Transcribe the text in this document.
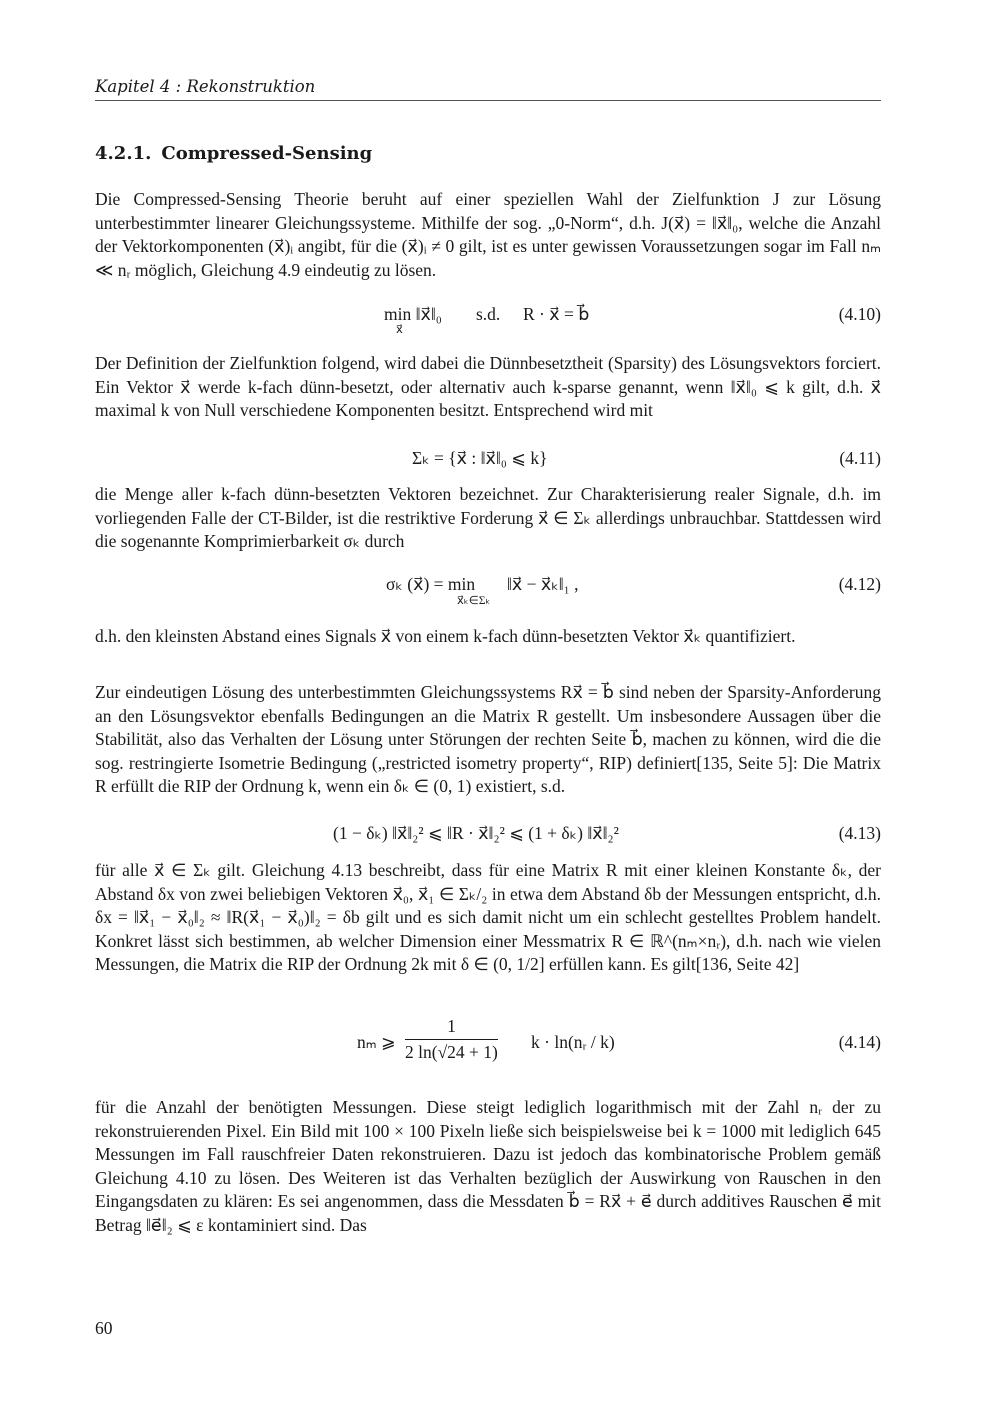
Kapitel 4 : Rekonstruktion
4.2.1. Compressed-Sensing
Die Compressed-Sensing Theorie beruht auf einer speziellen Wahl der Zielfunktion J zur Lösung unterbestimmter linearer Gleichungssysteme. Mithilfe der sog. „0-Norm“, d.h. J(x⃗) = ‖x⃗‖₀, welche die Anzahl der Vektorkomponenten (x⃗)ᵢ angibt, für die (x⃗)ᵢ ≠ 0 gilt, ist es unter gewissen Voraussetzungen sogar im Fall nₘ ≪ nᵣ möglich, Gleichung 4.9 eindeutig zu lösen.
min ‖x⃗‖₀
x⃗
s.d. R · x⃗ = b⃗	(4.10)
Der Definition der Zielfunktion folgend, wird dabei die Dünnbesetztheit (Sparsity) des Lösungsvektors forciert. Ein Vektor x⃗ werde k-fach dünn-besetzt, oder alternativ auch k-sparse genannt, wenn ‖x⃗‖₀ ⩽ k gilt, d.h. x⃗ maximal k von Null verschiedene Komponenten besitzt. Entsprechend wird mit
Σₖ = {x⃗ : ‖x⃗‖₀ ⩽ k}	(4.11)
die Menge aller k-fach dünn-besetzten Vektoren bezeichnet. Zur Charakterisierung realer Signale, d.h. im vorliegenden Falle der CT-Bilder, ist die restriktive Forderung x⃗ ∈ Σₖ allerdings unbrauchbar. Stattdessen wird die sogenannte Komprimierbarkeit σₖ durch
σₖ (x⃗) = min
x⃗ₖ∈Σₖ
‖x⃗ − x⃗ₖ‖₁ ,	(4.12)
d.h. den kleinsten Abstand eines Signals x⃗ von einem k-fach dünn-besetzten Vektor x⃗ₖ quantifiziert.
Zur eindeutigen Lösung des unterbestimmten Gleichungssystems Rx⃗ = b⃗ sind neben der Sparsity-Anforderung an den Lösungsvektor ebenfalls Bedingungen an die Matrix R gestellt. Um insbesondere Aussagen über die Stabilität, also das Verhalten der Lösung unter Störungen der rechten Seite b⃗, machen zu können, wird die die sog. restringierte Isometrie Bedingung („restricted isometry property“, RIP) definiert[135, Seite 5]: Die Matrix R erfüllt die RIP der Ordnung k, wenn ein δₖ ∈ (0, 1) existiert, s.d.
(1 − δₖ) ‖x⃗‖₂² ⩽ ‖R · x⃗‖₂² ⩽ (1 + δₖ) ‖x⃗‖₂²	(4.13)
für alle x⃗ ∈ Σₖ gilt. Gleichung 4.13 beschreibt, dass für eine Matrix R mit einer kleinen Konstante δₖ, der Abstand δx von zwei beliebigen Vektoren x⃗₀, x⃗₁ ∈ Σₖ/₂ in etwa dem Abstand δb der Messungen entspricht, d.h. δx = ‖x⃗₁ − x⃗₀‖₂ ≈ ‖R(x⃗₁ − x⃗₀)‖₂ = δb gilt und es sich damit nicht um ein schlecht gestelltes Problem handelt. Konkret lässt sich bestimmen, ab welcher Dimension einer Messmatrix R ∈ ℝ^(nₘ×nᵣ), d.h. nach wie vielen Messungen, die Matrix die RIP der Ordnung 2k mit δ ∈ (0, 1/2] erfüllen kann. Es gilt[136, Seite 42]
nₘ ⩾ $\frac{1}{2 \ln(√24 + 1)}$ k · ln(nᵣ / k)	(4.14)
für die Anzahl der benötigten Messungen. Diese steigt lediglich logarithmisch mit der Zahl nᵣ der zu rekonstruierenden Pixel. Ein Bild mit 100 × 100 Pixeln ließe sich beispielsweise bei k = 1000 mit lediglich 645 Messungen im Fall rauschfreier Daten rekonstruieren. Dazu ist jedoch das kombinatorische Problem gemäß Gleichung 4.10 zu lösen. Des Weiteren ist das Verhalten bezüglich der Auswirkung von Rauschen in den Eingangsdaten zu klären: Es sei angenommen, dass die Messdaten b⃗ = Rx⃗ + e⃗ durch additives Rauschen e⃗ mit Betrag ‖e⃗‖₂ ⩽ ε kontaminiert sind. Das
60
